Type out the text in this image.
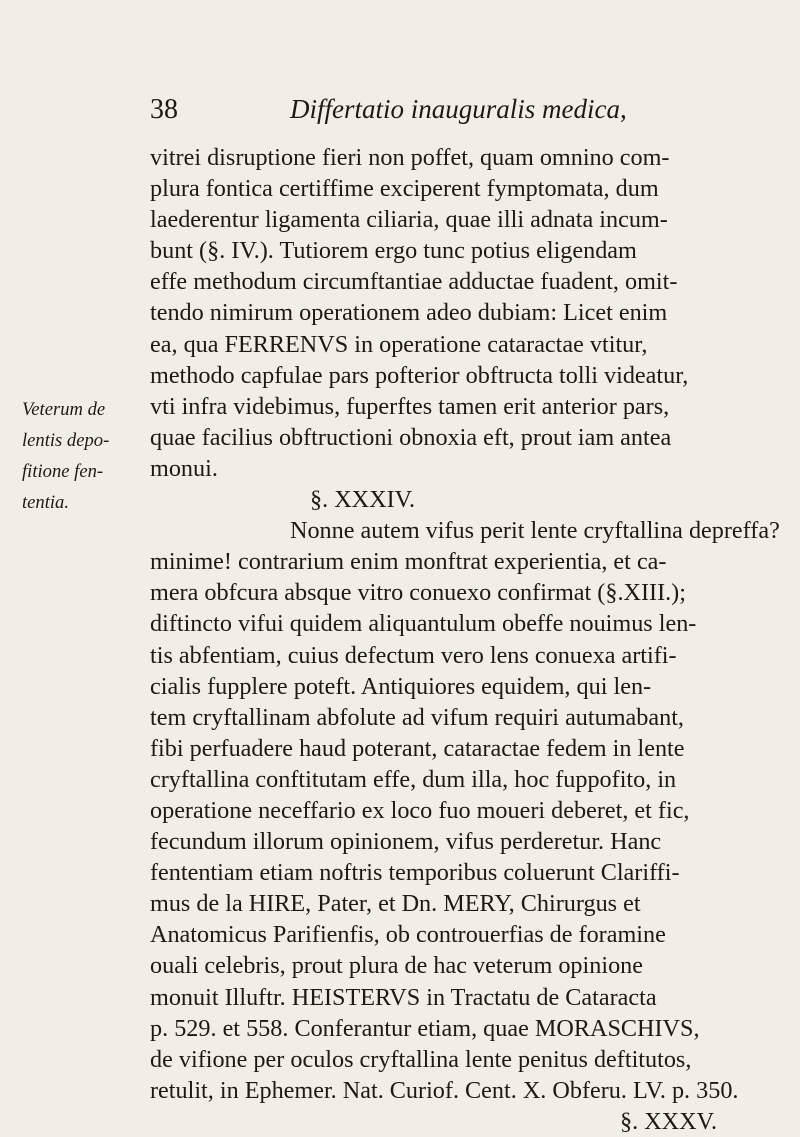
38	Differtatio inauguralis medica,
Veterum de
lentis depo-
fitione fen-
tentia.
vitrei disruptione fieri non poffet, quam omnino com-
plura fontica certiffime exciperent fymptomata, dum
laederentur ligamenta ciliaria, quae illi adnata incum-
bunt (§. IV.). Tutiorem ergo tunc potius eligendam
effe methodum circumftantiae adductae fuadent, omit-
tendo nimirum operationem adeo dubiam: Licet enim
ea, qua FERRENVS in operatione cataractae vtitur,
methodo capfulae pars pofterior obftructa tolli videatur,
vti infra videbimus, fuperftes tamen erit anterior pars,
quae facilius obftructioni obnoxia eft, prout iam antea
monui.
§. XXXIV.
Nonne autem vifus perit lente cryftallina depreffa?
minime! contrarium enim monftrat experientia, et ca-
mera obfcura absque vitro conuexo confirmat (§.XIII.);
diftincto vifui quidem aliquantulum obeffe nouimus len-
tis abfentiam, cuius defectum vero lens conuexa artifi-
cialis fupplere poteft. Antiquiores equidem, qui len-
tem cryftallinam abfolute ad vifum requiri autumabant,
fibi perfuadere haud poterant, cataractae fedem in lente
cryftallina conftitutam effe, dum illa, hoc fuppofito, in
operatione neceffario ex loco fuo moueri deberet, et fic,
fecundum illorum opinionem, vifus perderetur. Hanc
fententiam etiam noftris temporibus coluerunt Clariffi-
mus de la HIRE, Pater, et Dn. MERY, Chirurgus et
Anatomicus Parifienfis, ob controuerfias de foramine
ouali celebris, prout plura de hac veterum opinione
monuit Illuftr. HEISTERVS in Tractatu de Cataracta
p. 529. et 558. Conferantur etiam, quae MORASCHIVS,
de vifione per oculos cryftallina lente penitus deftitutos,
retulit, in Ephemer. Nat. Curiof. Cent. X. Obferu. LV. p. 350.
§. XXXV.
